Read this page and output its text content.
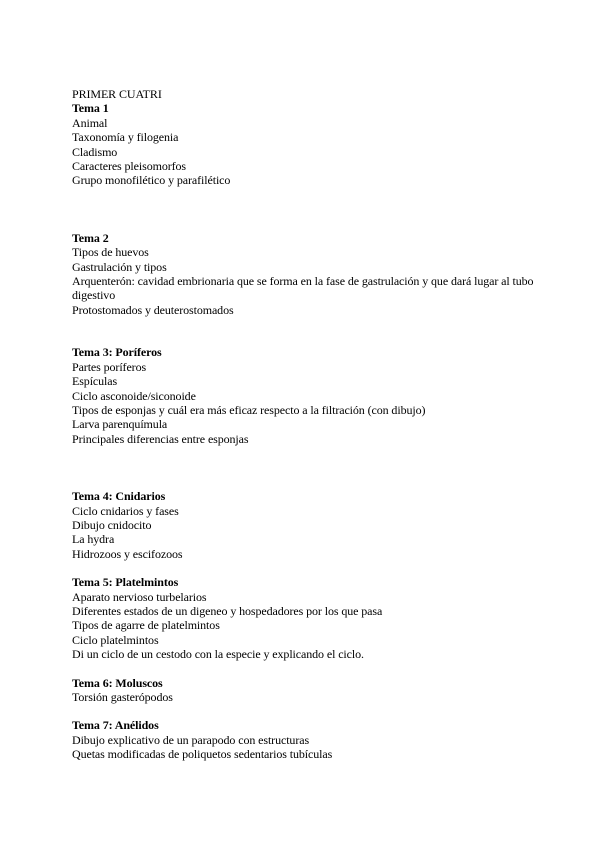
PRIMER CUATRI
Tema 1
Animal
Taxonomía y filogenia
Cladismo
Caracteres pleisomorfos
Grupo monofilético y parafilético
Tema 2
Tipos de huevos
Gastrulación y tipos
Arquenterón: cavidad embrionaria que se forma en la fase de gastrulación y que dará lugar al tubo digestivo
Protostomados y deuterostomados
Tema 3: Poríferos
Partes poríferos
Espículas
Ciclo asconoide/siconoide
Tipos de esponjas y cuál era más eficaz respecto a la filtración (con dibujo)
Larva parenquímula
Principales diferencias entre esponjas
Tema 4: Cnidarios
Ciclo cnidarios y fases
Dibujo cnidocito
La hydra
Hidrozoos y escifozoos
Tema 5: Platelmintos
Aparato nervioso turbelarios
Diferentes estados de un digeneo y hospedadores por los que pasa
Tipos de agarre de platelmintos
Ciclo platelmintos
Di un ciclo de un cestodo con la especie y explicando el ciclo.
Tema 6: Moluscos
Torsión gasterópodos
Tema 7: Anélidos
Dibujo explicativo de un parapodo con estructuras
Quetas modificadas de poliquetos sedentarios tubículas
